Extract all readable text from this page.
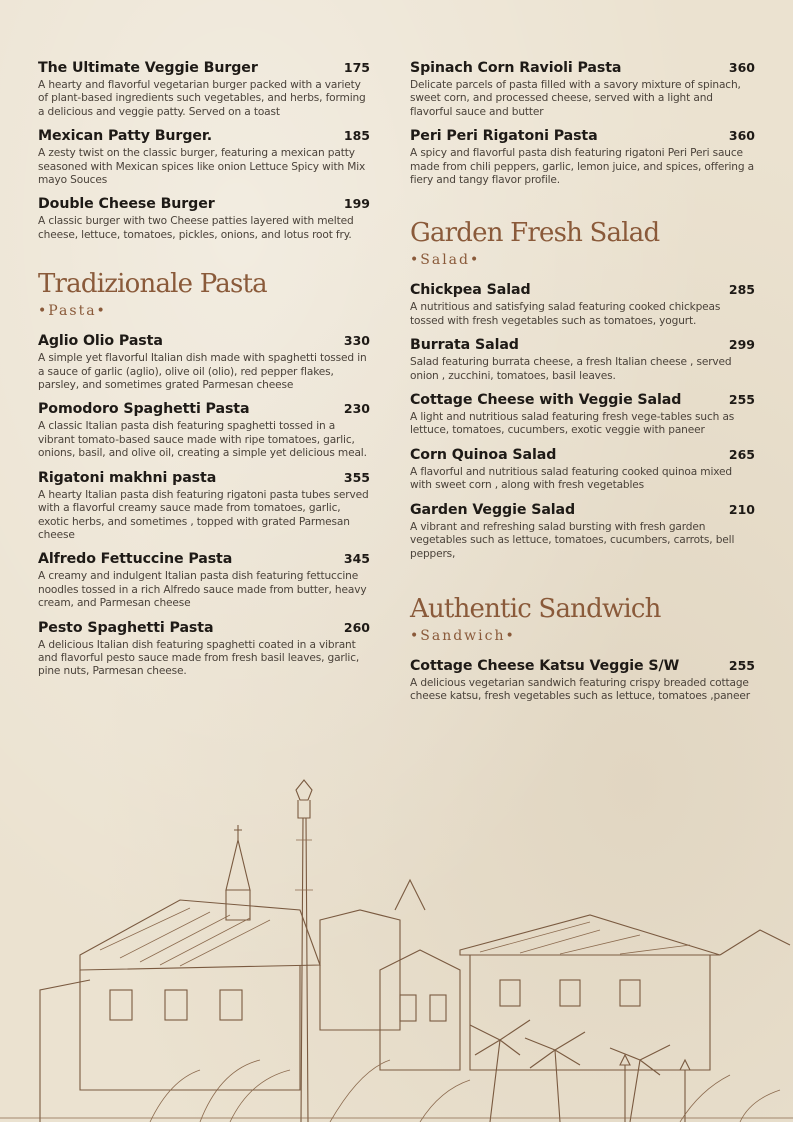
The Ultimate Veggie Burger	175
A hearty and flavorful vegetarian burger packed with a variety of plant-based ingredients such vegetables, and herbs, forming a delicious and veggie patty. Served on a toast
Mexican Patty Burger.	185
A zesty twist on the classic burger, featuring a mexican patty seasoned with Mexican spices like onion Lettuce Spicy with Mix mayo Souces
Double Cheese Burger	199
A classic burger with two Cheese patties layered with melted cheese, lettuce, tomatoes, pickles, onions, and lotus root fry.
Tradizionale Pasta
•Pasta•
Aglio Olio Pasta	330
A simple yet flavorful Italian dish made with spaghetti tossed in a sauce of garlic (aglio), olive oil (olio), red pepper flakes, parsley, and sometimes grated Parmesan cheese
Pomodoro Spaghetti Pasta	230
A classic Italian pasta dish featuring spaghetti tossed in a vibrant tomato-based sauce made with ripe tomatoes, garlic, onions, basil, and olive oil, creating a simple yet delicious meal.
Rigatoni makhni pasta	355
A hearty Italian pasta dish featuring rigatoni pasta tubes served with a flavorful creamy sauce made from tomatoes, garlic, exotic herbs, and sometimes , topped with grated Parmesan cheese
Alfredo Fettuccine Pasta	345
A creamy and indulgent Italian pasta dish featuring fettuccine noodles tossed in a rich Alfredo sauce made from butter, heavy cream, and Parmesan cheese
Pesto Spaghetti Pasta	260
A delicious Italian dish featuring spaghetti coated in a vibrant and flavorful pesto sauce made from fresh basil leaves, garlic, pine nuts, Parmesan cheese.
Spinach Corn Ravioli Pasta	360
Delicate parcels of pasta filled with a savory mixture of spinach, sweet corn, and processed cheese, served with a light and flavorful sauce and butter
Peri Peri Rigatoni Pasta	360
A spicy and flavorful pasta dish featuring rigatoni Peri Peri sauce made from chili peppers, garlic, lemon juice, and spices, offering a fiery and tangy flavor profile.
Garden Fresh Salad
•Salad•
Chickpea Salad	285
A nutritious and satisfying salad featuring cooked chickpeas tossed with fresh vegetables such as tomatoes, yogurt.
Burrata Salad	299
Salad featuring burrata cheese, a fresh Italian cheese , served onion , zucchini, tomatoes, basil leaves.
Cottage Cheese with Veggie Salad	255
A light and nutritious salad featuring fresh vege-tables such as lettuce, tomatoes, cucumbers, exotic veggie with paneer
Corn Quinoa Salad	265
A flavorful and nutritious salad featuring cooked quinoa mixed with sweet corn , along with fresh vegetables
Garden Veggie Salad	210
A vibrant and refreshing salad bursting with fresh garden vegetables such as lettuce, tomatoes, cucumbers, carrots, bell peppers,
Authentic Sandwich
•Sandwich•
Cottage Cheese Katsu Veggie S/W	255
A delicious vegetarian sandwich featuring crispy breaded cottage cheese katsu, fresh vegetables such as lettuce, tomatoes ,paneer
